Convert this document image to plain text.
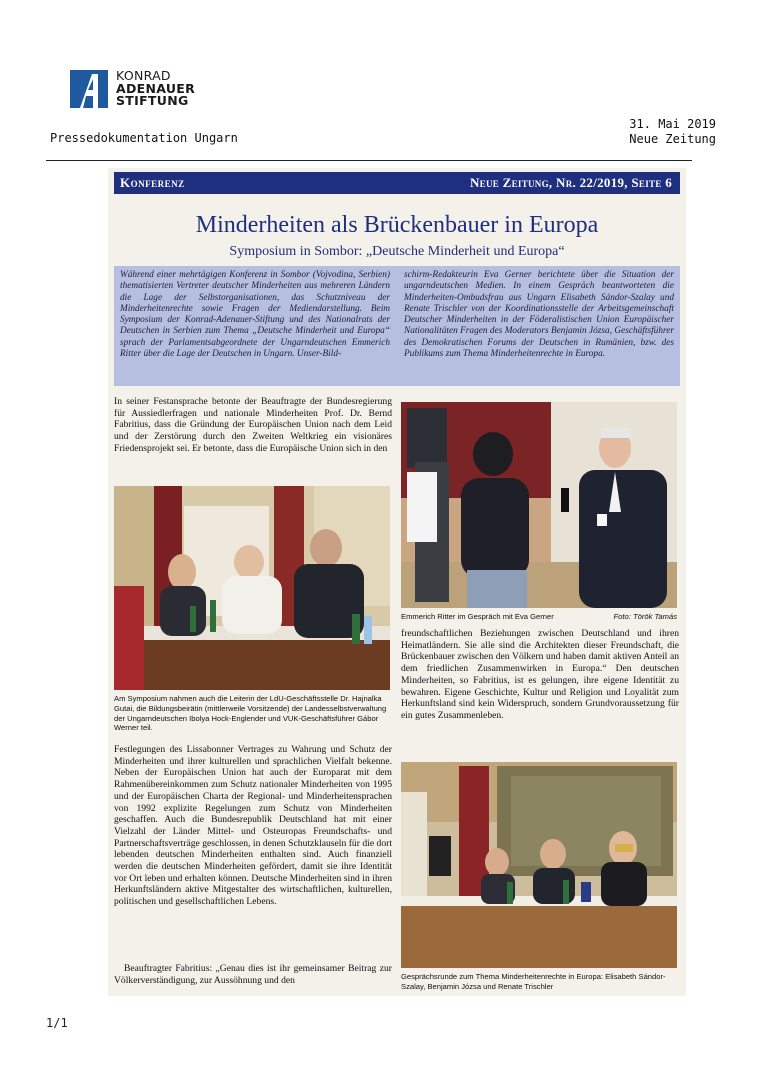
KONRAD
ADENAUER
STIFTUNG
Pressedokumentation Ungarn
31. Mai 2019
Neue Zeitung
Konferenz	Neue Zeitung, Nr. 22/2019, Seite 6
Minderheiten als Brückenbauer in Europa
Symposium in Sombor: „Deutsche Minderheit und Europa“

Während einer mehrtägigen Konferenz in Sombor (Vojvodina, Serbien) thematisierten Vertreter deutscher Minderheiten aus mehreren Ländern die Lage der Selbstorganisationen, das Schutzniveau der Minderheitenrechte sowie Fragen der Mediendarstellung. Beim Symposium der Konrad-Adenauer-Stiftung und des Nationalrats der Deutschen in Serbien zum Thema „Deutsche Minderheit und Europa“ sprach der Parlamentsabgeordnete der Ungarndeutschen Emmerich Ritter über die Lage der Deutschen in Ungarn. Unser-Bild-

schirm-Redakteurin Eva Gerner berichtete über die Situation der ungarndeutschen Medien. In einem Gespräch beantworteten die Minderheiten-Ombudsfrau aus Ungarn Elisabeth Sándor-Szalay und Renate Trischler von der Koordinationsstelle der Arbeitsgemeinschaft Deutscher Minderheiten in der Föderalistischen Union Europäischer Nationalitäten Fragen des Moderators Benjamin Józsa, Geschäftsführer des Demokratischen Forums der Deutschen in Rumänien, bzw. des Publikums zum Thema Minderheitenrechte in Europa.

In seiner Festansprache betonte der Beauftragte der Bundesregierung für Aussiedlerfragen und nationale Minderheiten Prof. Dr. Bernd Fabritius, dass die Gründung der Europäischen Union nach dem Leid und der Zerstörung durch den Zweiten Weltkrieg ein visionäres Friedensprojekt sei. Er betonte, dass die Europäische Union sich in den

Am Symposium nahmen auch die Leiterin der LdU-Geschäftsstelle Dr. Hajnalka Gutai, die Bildungsbeirätin (mittlerweile Vorsitzende) der Landesselbstverwaltung der Ungarndeutschen Ibolya Hock-Englender und VUK-Geschäftsführer Gábor Werner teil.

Festlegungen des Lissabonner Vertrages zu Wahrung und Schutz der Minderheiten und ihrer kulturellen und sprachlichen Vielfalt bekenne. Neben der Europäischen Union hat auch der Europarat mit dem Rahmenübereinkommen zum Schutz nationaler Minderheiten von 1995 und der Europäischen Charta der Regional- und Minderheitensprachen von 1992 explizite Regelungen zum Schutz von Minderheiten geschaffen. Auch die Bundesrepublik Deutschland hat mit einer Vielzahl der Länder Mittel- und Osteuropas Freundschafts- und Partnerschaftsverträge geschlossen, in denen Schutzklauseln für die dort lebenden deutschen Minderheiten enthalten sind. Auch finanziell werden die deutschen Minderheiten gefördert, damit sie ihre Identität vor Ort leben und erhalten können. Deutsche Minderheiten sind in ihren Herkunftsländern aktive Mitgestalter des wirtschaftlichen, kulturellen, politischen und gesellschaftlichen Lebens.

Beauftragter Fabritius: „Genau dies ist ihr gemeinsamer Beitrag zur Völkerverständigung, zur Aussöhnung und den

Emmerich Ritter im Gespräch mit Eva Gerner	Foto: Török Tamás

freundschaftlichen Beziehungen zwischen Deutschland und ihren Heimatländern. Sie alle sind die Architekten dieser Freundschaft, die Brückenbauer zwischen den Völkern und haben damit aktiven Anteil an dem friedlichen Zusammenwirken in Europa.“ Den deutschen Minderheiten, so Fabritius, ist es gelungen, ihre eigene Identität zu bewahren. Eigene Geschichte, Kultur und Religion und Loyalität zum Herkunftsland sind kein Widerspruch, sondern Grundvoraussetzung für ein gutes Zusammenleben.

Gesprächsrunde zum Thema Minderheitenrechte in Europa: Elisabeth Sándor-Szalay, Benjamin Józsa und Renate Trischler

1/1
